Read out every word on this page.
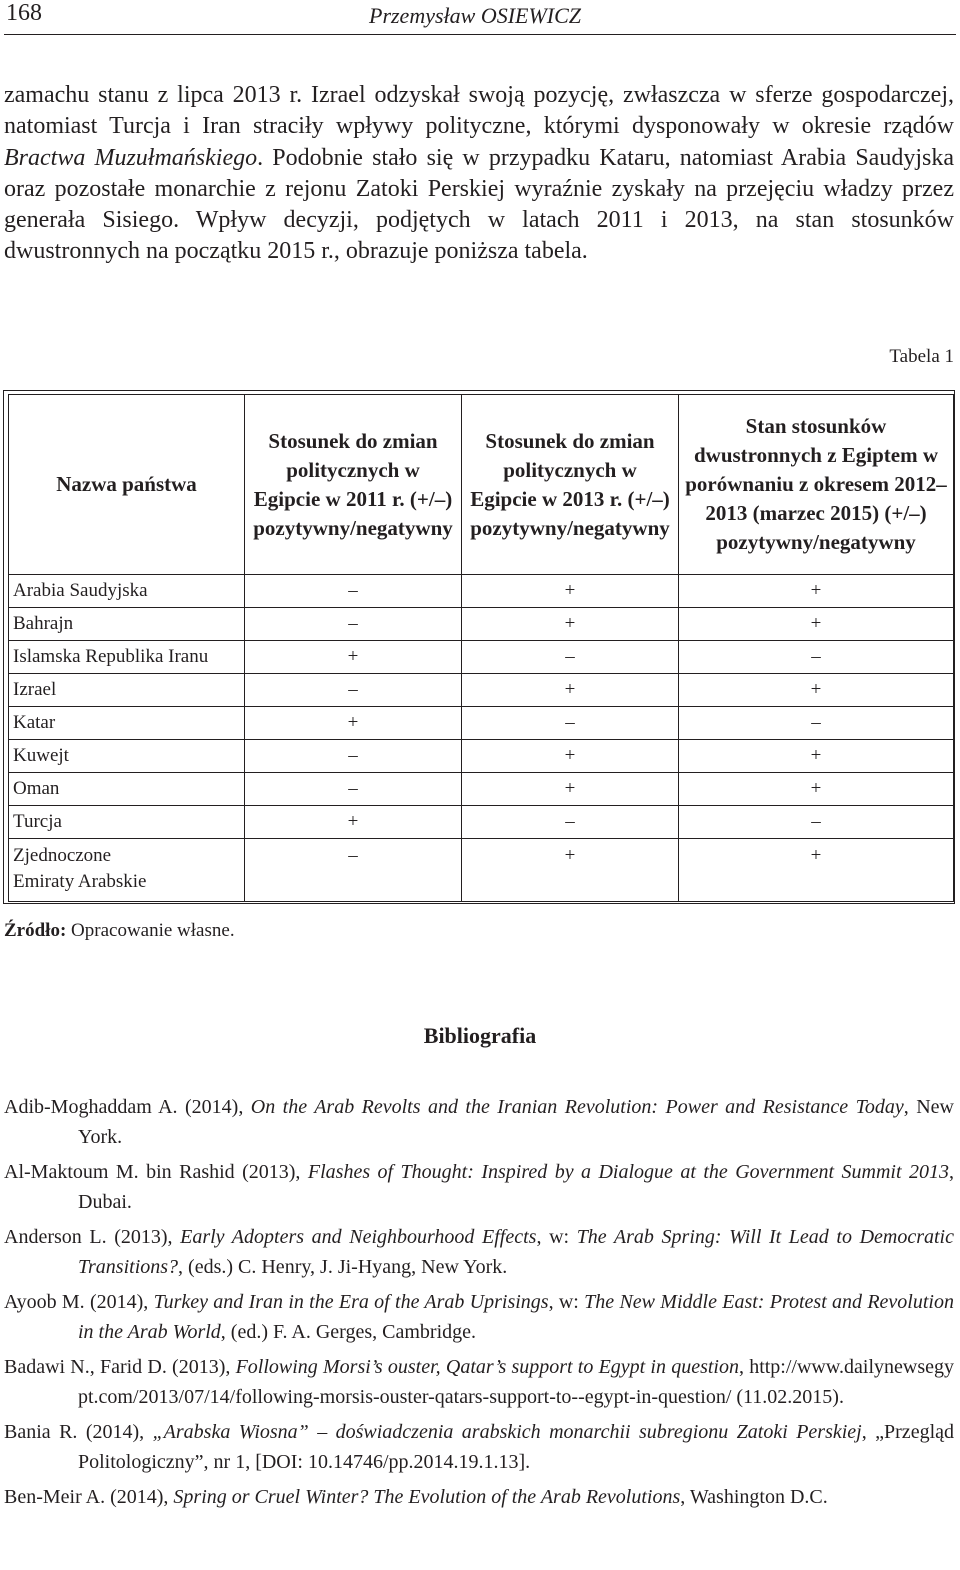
168	Przemysław OSIEWICZ

zamachu stanu z lipca 2013 r. Izrael odzyskał swoją pozycję, zwłaszcza w sferze gospodarczej, natomiast Turcja i Iran straciły wpływy polityczne, którymi dysponowały w okresie rządów Bractwa Muzułmańskiego. Podobnie stało się w przypadku Kataru, natomiast Arabia Saudyjska oraz pozostałe monarchie z rejonu Zatoki Perskiej wyraźnie zyskały na przejęciu władzy przez generała Sisiego. Wpływ decyzji, podjętych w latach 2011 i 2013, na stan stosunków dwustronnych na początku 2015 r., obrazuje poniższa tabela.

Tabela 1
Nazwa państwa	Stosunek do zmian politycznych w Egipcie w 2011 r. (+/–) pozytywny/negatywny	Stosunek do zmian politycznych w Egipcie w 2013 r. (+/–) pozytywny/negatywny	Stan stosunków dwustronnych z Egiptem w porównaniu z okresem 2012–2013 (marzec 2015) (+/–) pozytywny/negatywny
Arabia Saudyjska	–	+	+
Bahrajn	–	+	+
Islamska Republika Iranu	+	–	–
Izrael	–	+	+
Katar	+	–	–
Kuwejt	–	+	+
Oman	–	+	+
Turcja	+	–	–
Zjednoczone Emiraty Arabskie	–	+	+
Źródło: Opracowanie własne.
Bibliografia
Adib-Moghaddam A. (2014), On the Arab Revolts and the Iranian Revolution: Power and Resistance Today, New York.
Al-Maktoum M. bin Rashid (2013), Flashes of Thought: Inspired by a Dialogue at the Government Summit 2013, Dubai.
Anderson L. (2013), Early Adopters and Neighbourhood Effects, w: The Arab Spring: Will It Lead to Democratic Transitions?, (eds.) C. Henry, J. Ji-Hyang, New York.
Ayoob M. (2014), Turkey and Iran in the Era of the Arab Uprisings, w: The New Middle East: Protest and Revolution in the Arab World, (ed.) F. A. Gerges, Cambridge.
Badawi N., Farid D. (2013), Following Morsi’s ouster, Qatar’s support to Egypt in question, http://www.dailynewsegypt.com/2013/07/14/following-morsis-ouster-qatars-support-to--egypt-in-question/ (11.02.2015).
Bania R. (2014), „Arabska Wiosna” – doświadczenia arabskich monarchii subregionu Zatoki Perskiej, „Przegląd Politologiczny”, nr 1, [DOI: 10.14746/pp.2014.19.1.13].
Ben-Meir A. (2014), Spring or Cruel Winter? The Evolution of the Arab Revolutions, Washington D.C.
